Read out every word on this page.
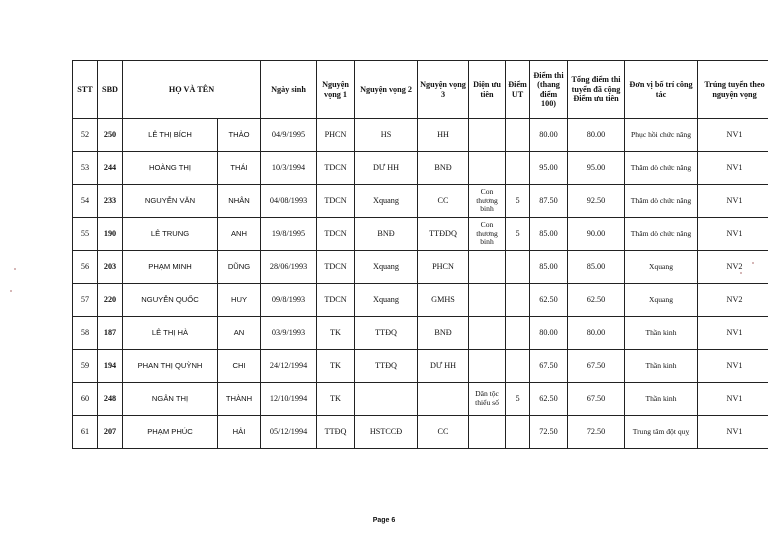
STT	SBD	HỌ VÀ TÊN		Ngày sinh	Nguyện vọng 1	Nguyện vọng 2	Nguyện vọng 3	Diện ưu tiên	Điểm UT	Điểm thi (thang điểm 100)	Tổng điểm thi tuyển đã cộng Điểm ưu tiên	Đơn vị bố trí công tác	Trúng tuyển theo nguyện vọng
52	250	LÊ THỊ BÍCH	THẢO	04/9/1995	PHCN	HS	HH			80.00	80.00	Phục hồi chức năng	NV1
53	244	HOÀNG THỊ	THÁI	10/3/1994	TDCN	DƯ HH	BNĐ			95.00	95.00	Thăm dò chức năng	NV1
54	233	NGUYỄN VĂN	NHÂN	04/08/1993	TDCN	Xquang	CC	Con thương binh	5	87.50	92.50	Thăm dò chức năng	NV1
55	190	LÊ TRUNG	ANH	19/8/1995	TDCN	BNĐ	TTĐDQ	Con thương binh	5	85.00	90.00	Thăm dò chức năng	NV1
56	203	PHẠM MINH	DŨNG	28/06/1993	TDCN	Xquang	PHCN			85.00	85.00	Xquang	NV2
57	220	NGUYỄN QUỐC	HUY	09/8/1993	TDCN	Xquang	GMHS			62.50	62.50	Xquang	NV2
58	187	LÊ THỊ HÀ	AN	03/9/1993	TK	TTĐQ	BNĐ			80.00	80.00	Thần kinh	NV1
59	194	PHAN THỊ QUỲNH	CHI	24/12/1994	TK	TTĐQ	DƯ HH			67.50	67.50	Thần kinh	NV1
60	248	NGÂN THỊ	THÀNH	12/10/1994	TK			Dân tộc thiểu số	5	62.50	67.50	Thần kinh	NV1
61	207	PHẠM PHÚC	HẢI	05/12/1994	TTĐQ	HSTCCĐ	CC			72.50	72.50	Trung tâm đột quỵ	NV1
Page 6
